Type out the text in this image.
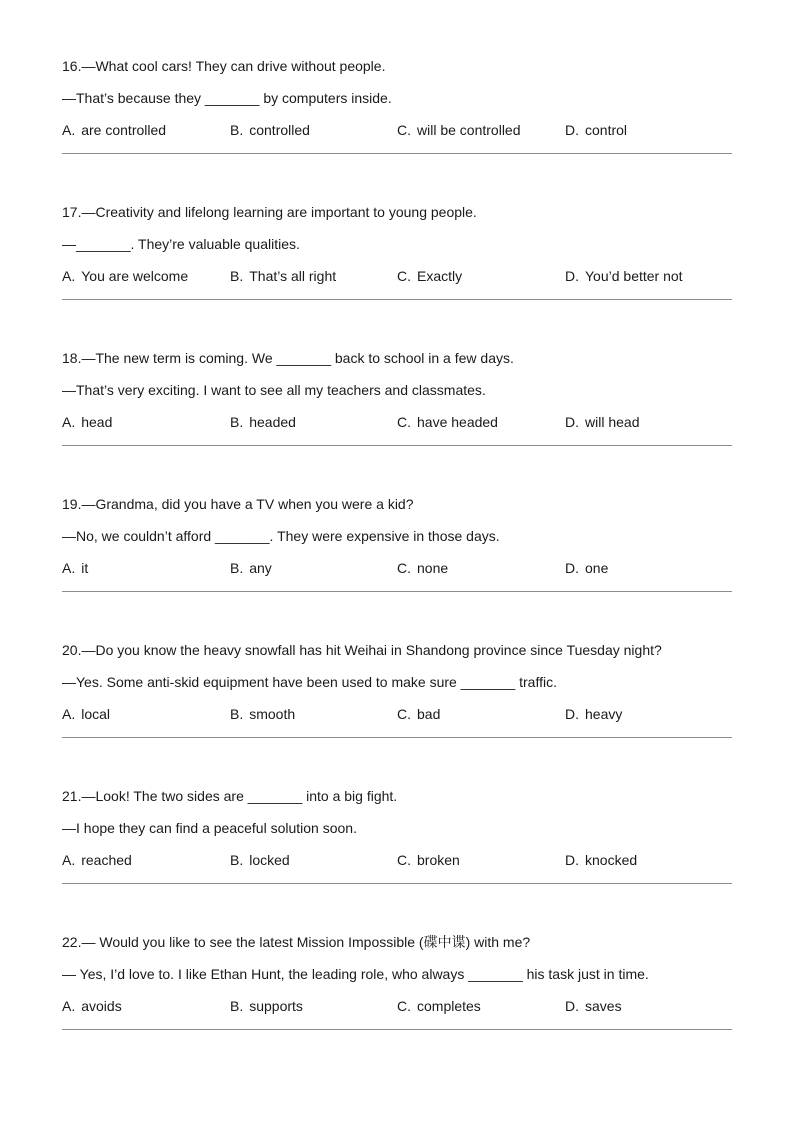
16.—What cool cars! They can drive without people.
—That’s because they _______ by computers inside.
A. are controlled	B. controlled	C. will be controlled	D. control
17.—Creativity and lifelong learning are important to young people.
—_______. They’re valuable qualities.
A. You are welcome	B. That’s all right	C. Exactly	D. You’d better not
18.—The new term is coming. We _______ back to school in a few days.
—That’s very exciting. I want to see all my teachers and classmates.
A. head	B. headed	C. have headed	D. will head
19.—Grandma, did you have a TV when you were a kid?
—No, we couldn’t afford _______. They were expensive in those days.
A. it	B. any	C. none	D. one
20.—Do you know the heavy snowfall has hit Weihai in Shandong province since Tuesday night?
—Yes. Some anti-skid equipment have been used to make sure _______ traffic.
A. local	B. smooth	C. bad	D. heavy
21.—Look! The two sides are _______ into a big fight.
—I hope they can find a peaceful solution soon.
A. reached	B. locked	C. broken	D. knocked
22.— Would you like to see the latest Mission Impossible (碟中谍) with me?
— Yes, I’d love to. I like Ethan Hunt, the leading role, who always _______ his task just in time.
A. avoids	B. supports	C. completes	D. saves
